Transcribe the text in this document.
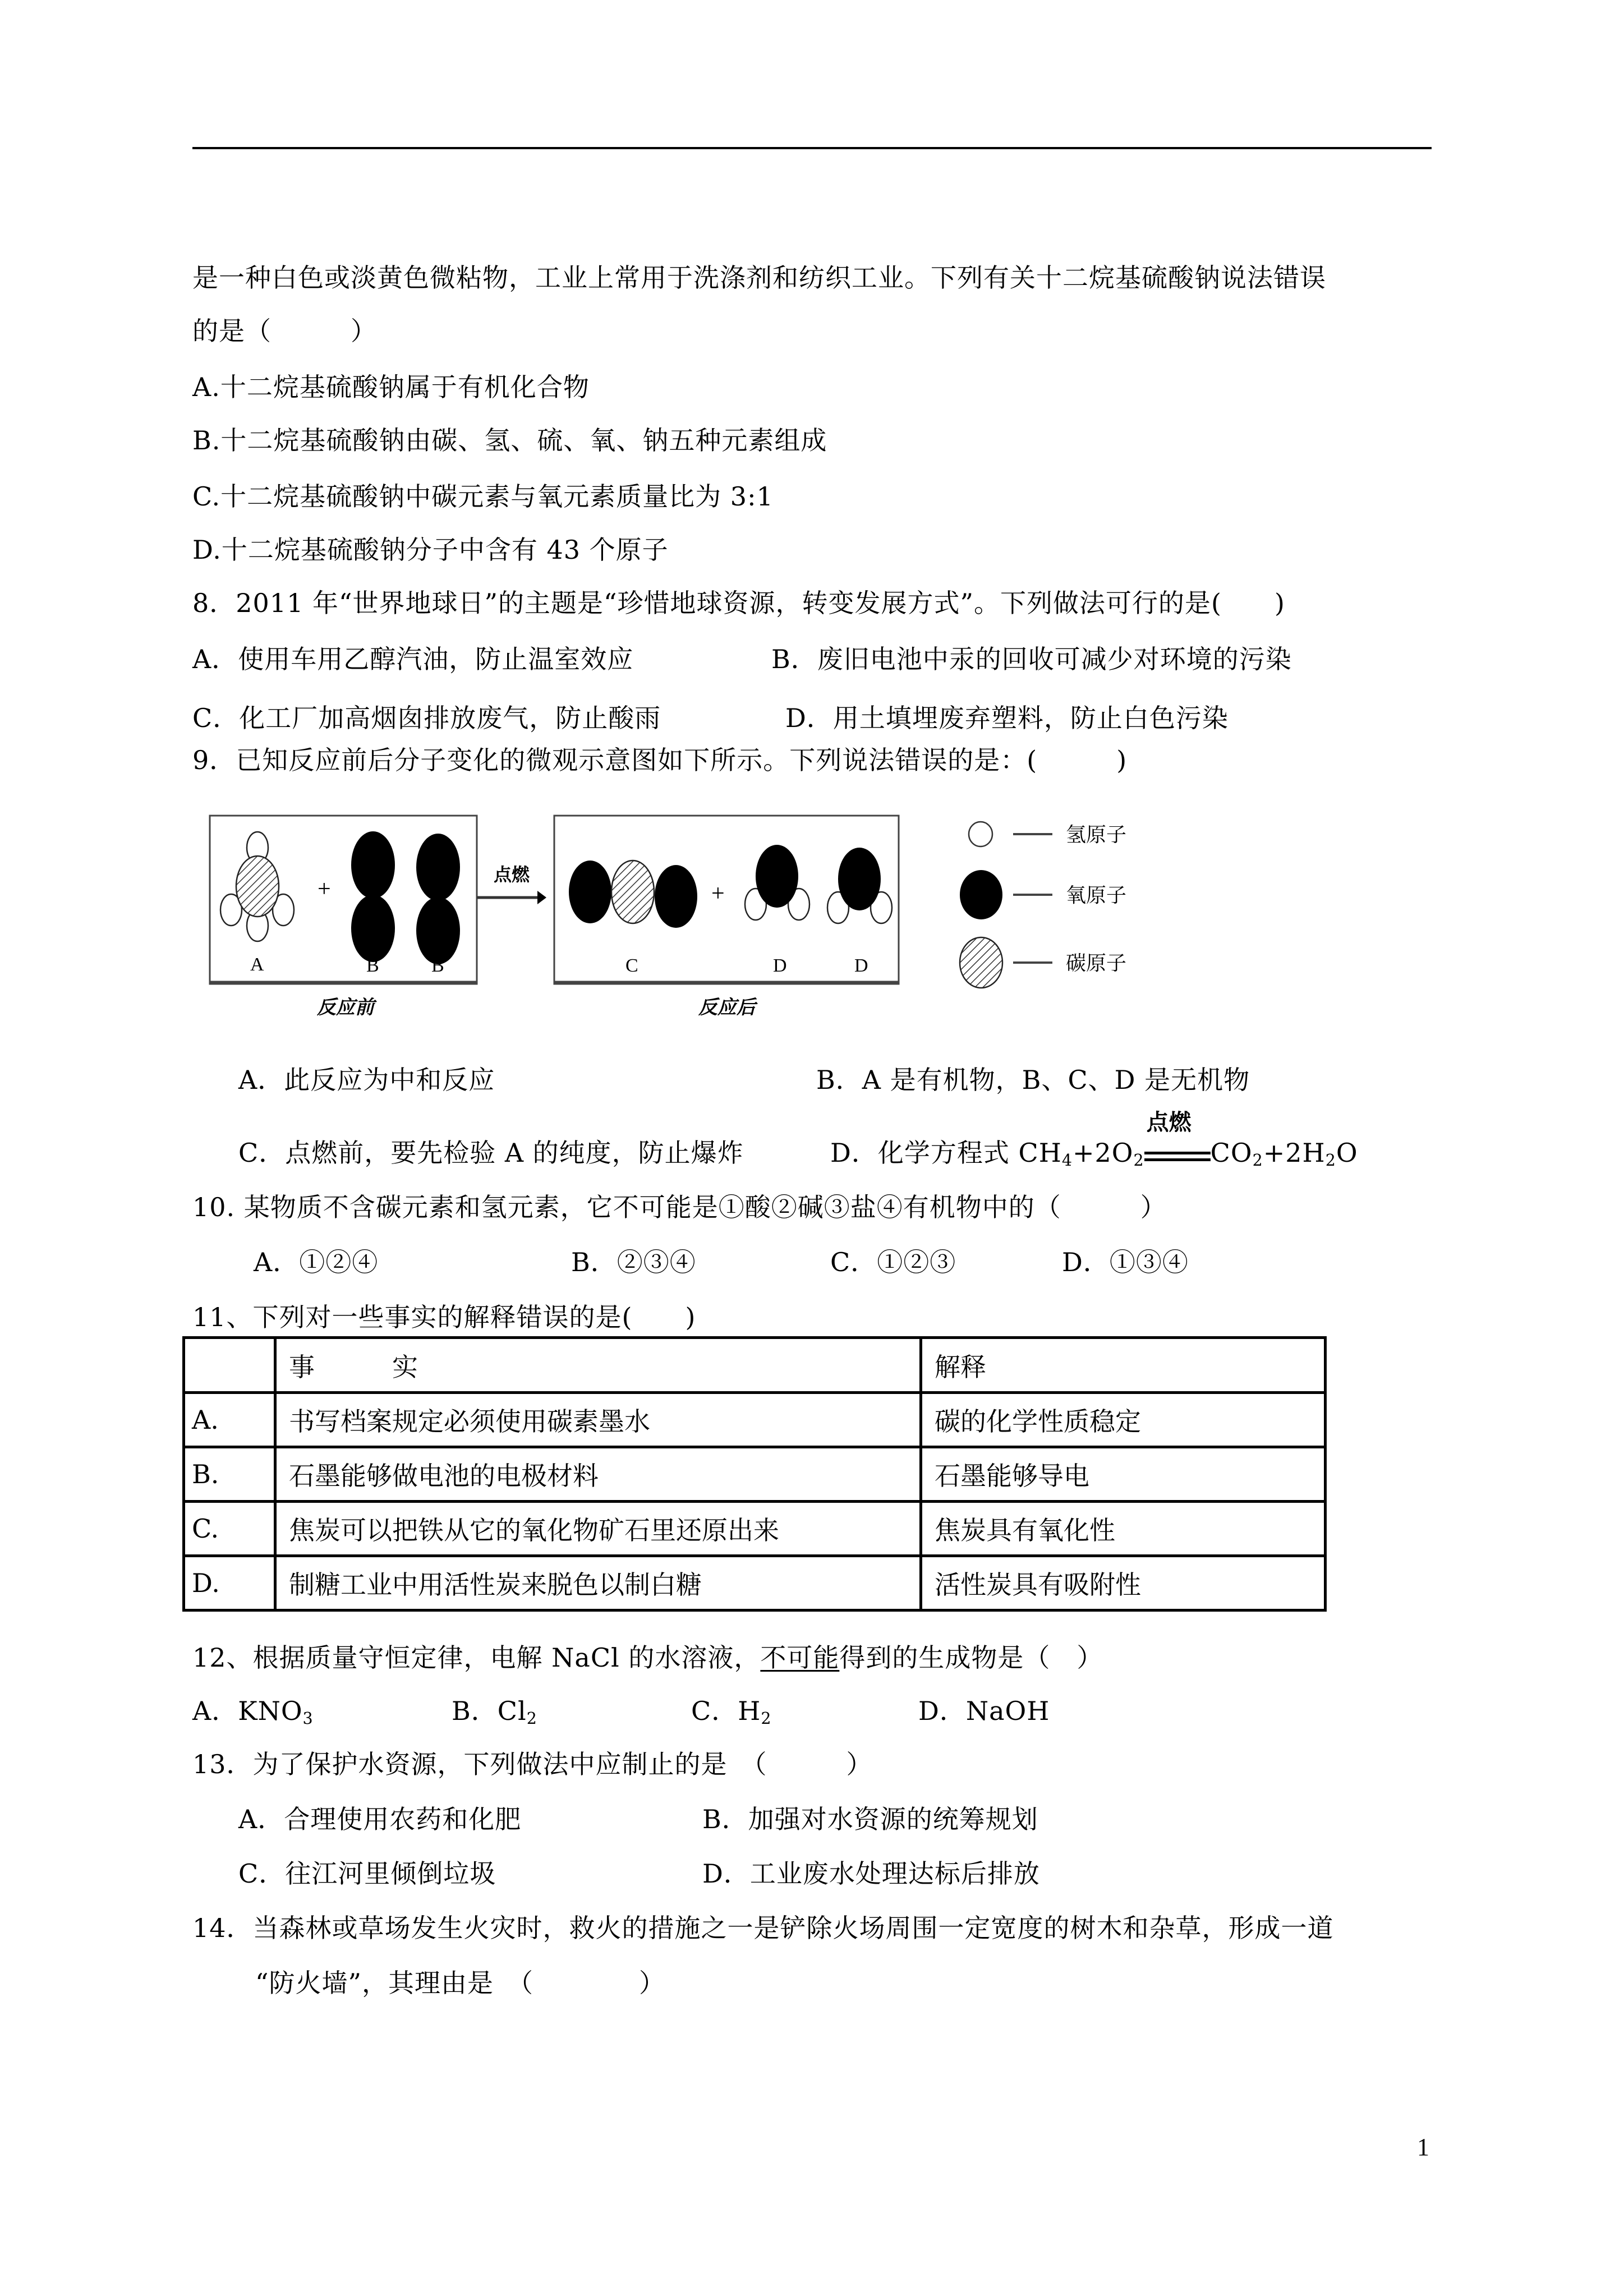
是一种白色或淡黄色微粘物，工业上常用于洗涤剂和纺织工业。下列有关十二烷基硫酸钠说法错误
的是（　　　）
A.十二烷基硫酸钠属于有机化合物
B.十二烷基硫酸钠由碳、氢、硫、氧、钠五种元素组成
C.十二烷基硫酸钠中碳元素与氧元素质量比为 3:1
D.十二烷基硫酸钠分子中含有 43 个原子
8．2011 年“世界地球日”的主题是“珍惜地球资源，转变发展方式”。下列做法可行的是(　　)
A．使用车用乙醇汽油，防止温室效应	B．废旧电池中汞的回收可减少对环境的污染
C．化工厂加高烟囱排放废气，防止酸雨	D．用土填埋废弃塑料，防止白色污染
9．已知反应前后分子变化的微观示意图如下所示。下列说法错误的是：(　　　)
+
A	B	B
反应前
点燃
+
C	D	D
反应后
氢原子
氧原子
碳原子
A．此反应为中和反应	B．A 是有机物，B、C、D 是无机物
C．点燃前，要先检验 A 的纯度，防止爆炸	D．化学方程式 $CH_4+2O_2$
点燃
$CO_2+2H_2O$
10. 某物质不含碳元素和氢元素，它不可能是①酸②碱③盐④有机物中的（　　　）
A．①②④	B．②③④	C．①②③	D．①③④
11、下列对一些事实的解释错误的是(　　)
	事　　　实	解释
A.	书写档案规定必须使用碳素墨水	碳的化学性质稳定
B.	石墨能够做电池的电极材料	石墨能够导电
C.	焦炭可以把铁从它的氧化物矿石里还原出来	焦炭具有氧化性
D.	制糖工业中用活性炭来脱色以制白糖	活性炭具有吸附性
12、根据质量守恒定律，电解 NaCl 的水溶液，不可能得到的生成物是（　）
A．$KNO_3$	B．$Cl_2$	C．$H_2$	D．NaOH
13．为了保护水资源，下列做法中应制止的是　（　　　）
A．合理使用农药和化肥	B．加强对水资源的统筹规划
C．往江河里倾倒垃圾	D．工业废水处理达标后排放
14．当森林或草场发生火灾时，救火的措施之一是铲除火场周围一定宽度的树木和杂草，形成一道
“防火墙”，其理由是　（　　　　）
1
